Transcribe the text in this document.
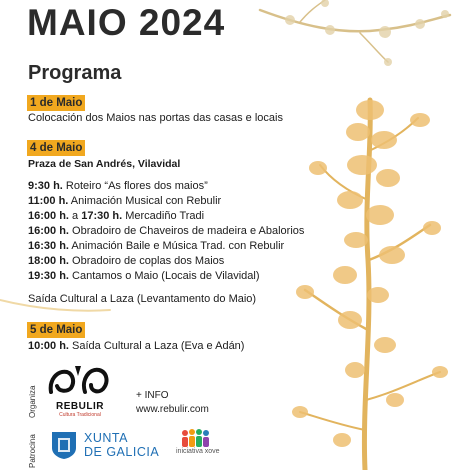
MAIO 2024
Programa
1 de Maio
Colocación dos Maios nas portas das casas e locais
4 de Maio
Praza de San Andrés, Vilavidal
9:30 h. Roteiro “As flores dos maios”
11:00 h. Animación Musical con Rebulir
16:00 h. a 17:30 h. Mercadiño Tradi
16:00 h. Obradoiro de Chaveiros de madeira e Abalorios
16:30 h. Animación Baile e Música Trad. con Rebulir
18:00 h. Obradoiro de coplas dos Maios
19:30 h. Cantamos o Maio (Locais de Vilavidal)
Saída Cultural a Laza (Levantamento do Maio)
5 de Maio
10:00 h. Saída Cultural a Laza (Eva e Adán)
Organiza
Patrocina
REBULIR
Cultura Tradicional
+ INFO
www.rebulir.com
XUNTA
DE GALICIA iniciativa xove
